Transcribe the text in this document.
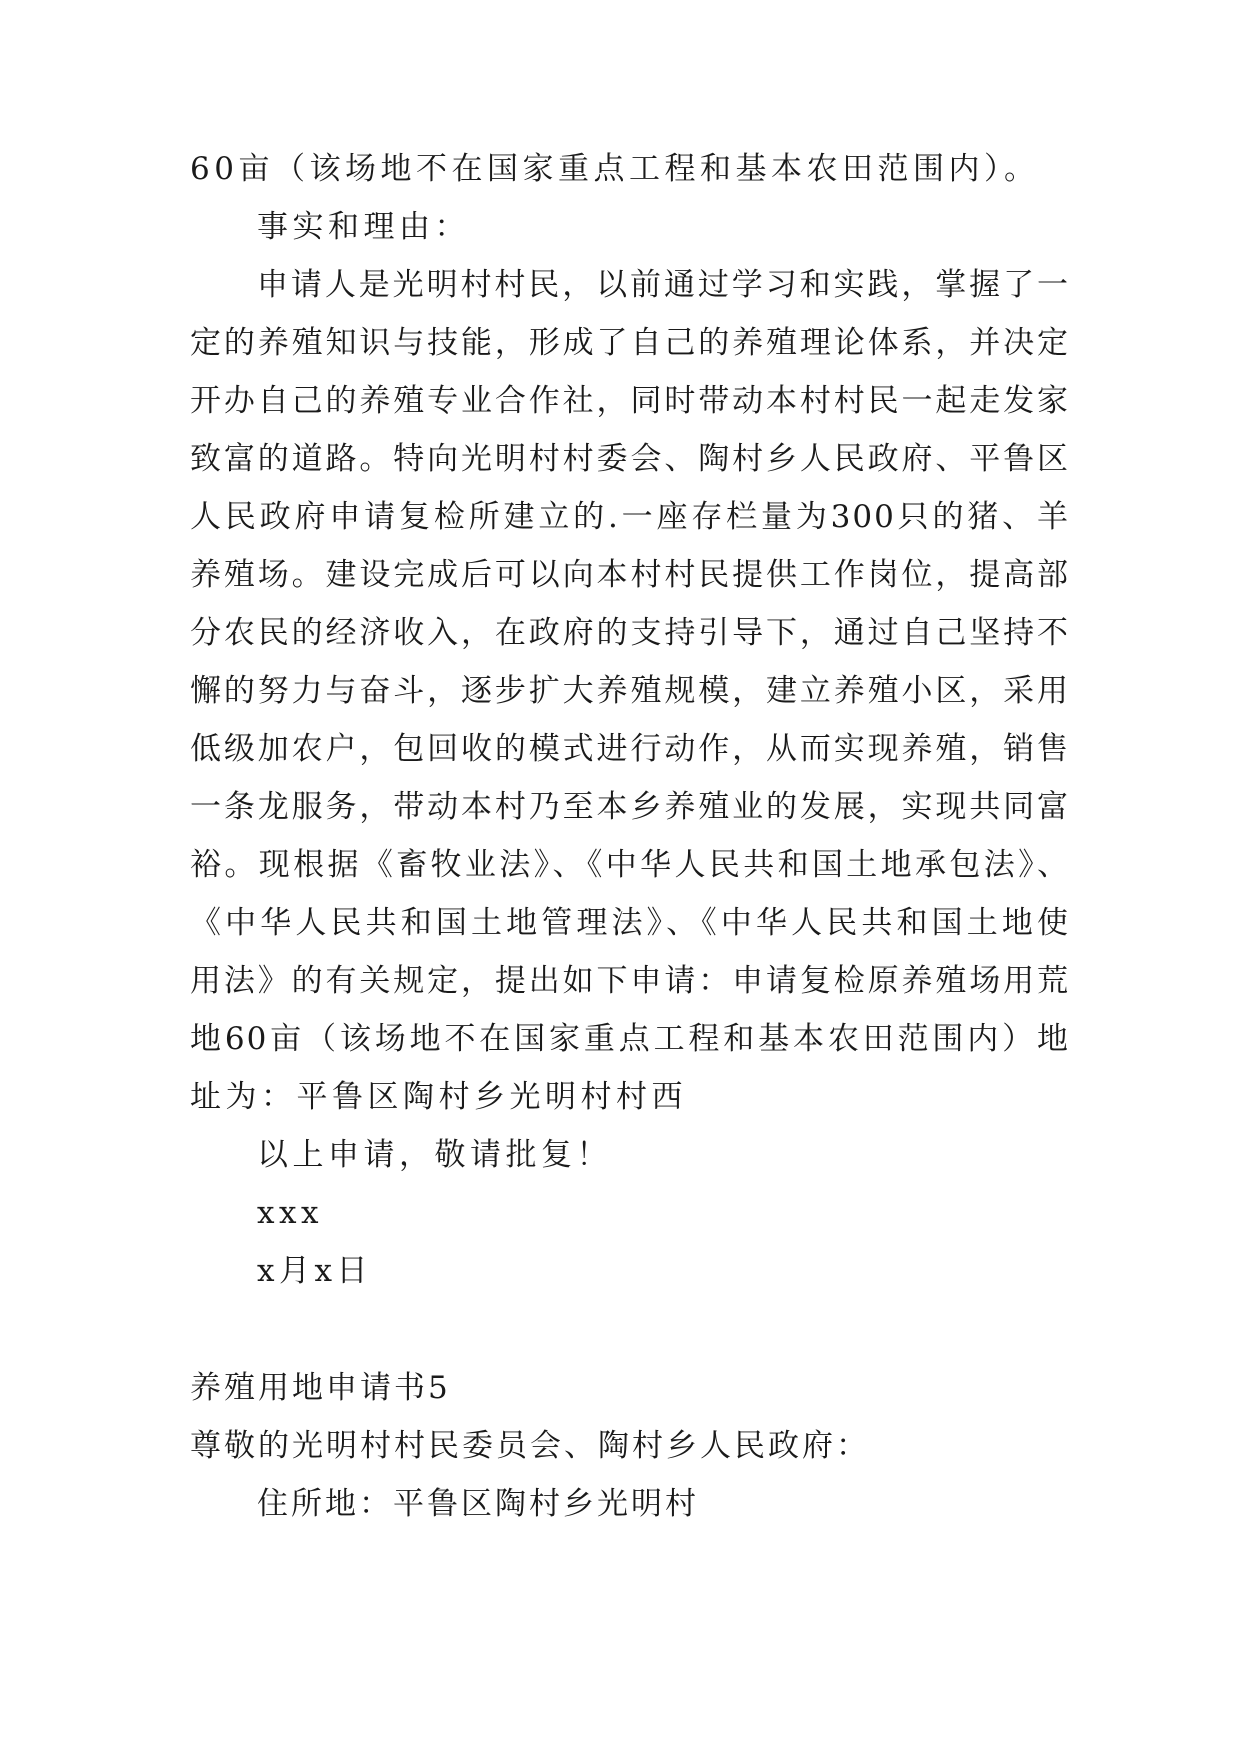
60亩（该场地不在国家重点工程和基本农田范围内）。
事实和理由：
申请人是光明村村民，以前通过学习和实践，掌握了一
定的养殖知识与技能，形成了自己的养殖理论体系，并决定
开办自己的养殖专业合作社，同时带动本村村民一起走发家
致富的道路。特向光明村村委会、陶村乡人民政府、平鲁区
人民政府申请复检所建立的.一座存栏量为300只的猪、羊
养殖场。建设完成后可以向本村村民提供工作岗位，提高部
分农民的经济收入，在政府的支持引导下，通过自己坚持不
懈的努力与奋斗，逐步扩大养殖规模，建立养殖小区，采用
低级加农户，包回收的模式进行动作，从而实现养殖，销售
一条龙服务，带动本村乃至本乡养殖业的发展，实现共同富
裕。现根据《畜牧业法》、《中华人民共和国土地承包法》、
《中华人民共和国土地管理法》、《中华人民共和国土地使
用法》的有关规定，提出如下申请：申请复检原养殖场用荒
地60亩（该场地不在国家重点工程和基本农田范围内）地
址为：平鲁区陶村乡光明村村西
以上申请，敬请批复！
xxx
x月x日
养殖用地申请书5
尊敬的光明村村民委员会、陶村乡人民政府：
住所地：平鲁区陶村乡光明村
